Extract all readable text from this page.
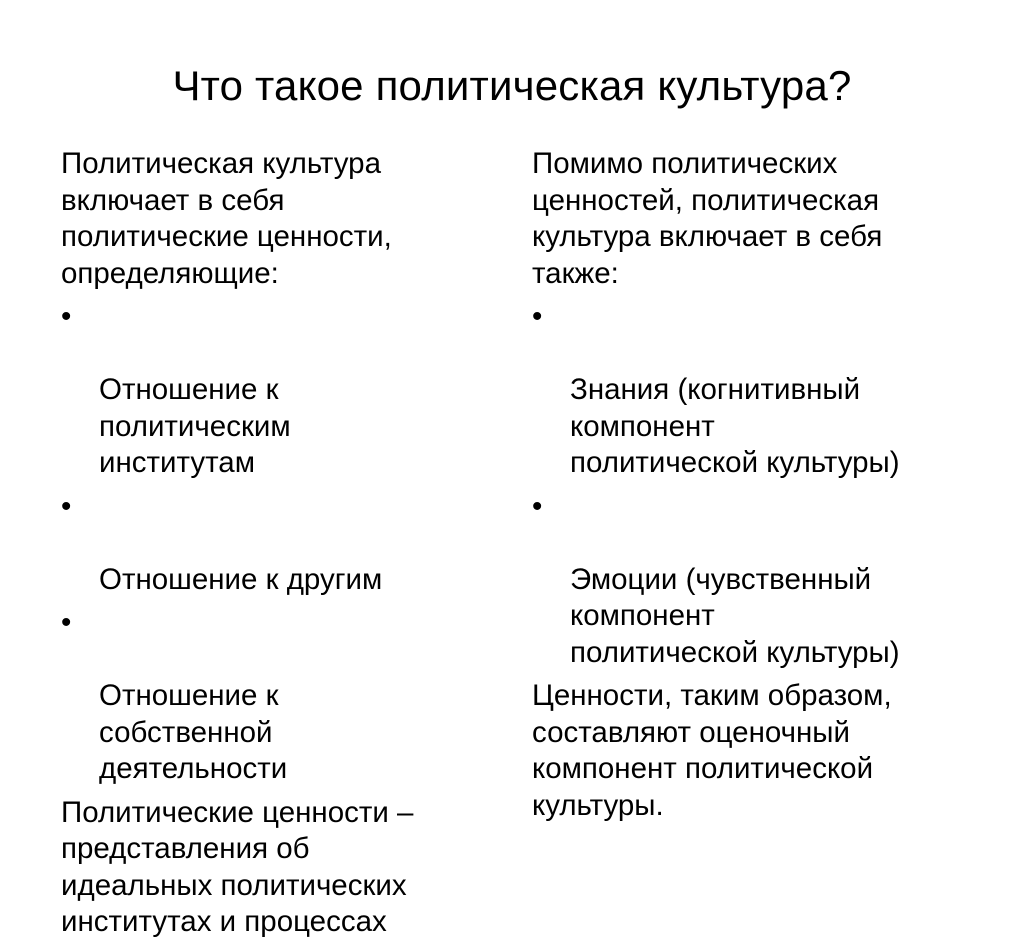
Что такое политическая культура?
Политическая культура
включает в себя
политические ценности,
определяющие:

•

Отношение к
политическим
институтам

•

Отношение к другим

•

Отношение к
собственной
деятельности

Политические ценности –
представления об
идеальных политических
институтах и процессах
Помимо политических
ценностей, политическая
культура включает в себя
также:

•

Знания (когнитивный
компонент
политической культуры)

•

Эмоции (чувственный
компонент
политической культуры)

Ценности, таким образом,
составляют оценочный
компонент политической
культуры.
